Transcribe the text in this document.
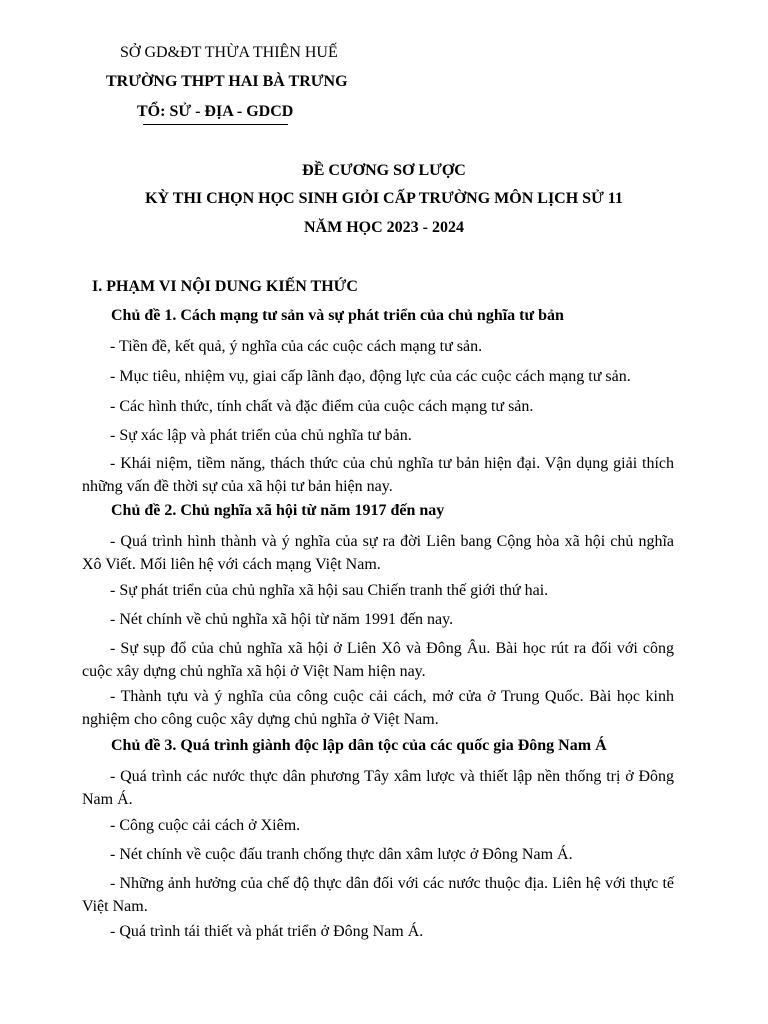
SỞ GD&ĐT THỪA THIÊN HUẾ
TRƯỜNG THPT HAI BÀ TRƯNG
TỔ: SỬ - ĐỊA - GDCD
ĐỀ CƯƠNG SƠ LƯỢC
KỲ THI CHỌN HỌC SINH GIỎI CẤP TRƯỜNG MÔN LỊCH SỬ 11
NĂM HỌC 2023 - 2024
I. PHẠM VI NỘI DUNG KIẾN THỨC
Chủ đề 1. Cách mạng tư sản và sự phát triển của chủ nghĩa tư bản
- Tiền đề, kết quả, ý nghĩa của các cuộc cách mạng tư sản.
- Mục tiêu, nhiệm vụ, giai cấp lãnh đạo, động lực của các cuộc cách mạng tư sản.
- Các hình thức, tính chất và đặc điểm của cuộc cách mạng tư sản.
- Sự xác lập và phát triển của chủ nghĩa tư bản.
- Khái niệm, tiềm năng, thách thức của chủ nghĩa tư bản hiện đại. Vận dụng giải thích những vấn đề thời sự của xã hội tư bản hiện nay.
Chủ đề 2. Chủ nghĩa xã hội từ năm 1917 đến nay
- Quá trình hình thành và ý nghĩa của sự ra đời Liên bang Cộng hòa xã hội chủ nghĩa Xô Viết. Mối liên hệ với cách mạng Việt Nam.
- Sự phát triển của chủ nghĩa xã hội sau Chiến tranh thế giới thứ hai.
- Nét chính về chủ nghĩa xã hội từ năm 1991 đến nay.
- Sự sụp đổ của chủ nghĩa xã hội ở Liên Xô và Đông Âu. Bài học rút ra đối với công cuộc xây dựng chủ nghĩa xã hội ở Việt Nam hiện nay.
- Thành tựu và ý nghĩa của công cuộc cải cách, mở cửa ở Trung Quốc. Bài học kinh nghiệm cho công cuộc xây dựng chủ nghĩa ở Việt Nam.
Chủ đề 3. Quá trình giành độc lập dân tộc của các quốc gia Đông Nam Á
- Quá trình các nước thực dân phương Tây xâm lược và thiết lập nền thống trị ở Đông Nam Á.
- Công cuộc cải cách ở Xiêm.
- Nét chính về cuộc đấu tranh chống thực dân xâm lược ở Đông Nam Á.
- Những ảnh hưởng của chế độ thực dân đối với các nước thuộc địa. Liên hệ với thực tế Việt Nam.
- Quá trình tái thiết và phát triển ở Đông Nam Á.
